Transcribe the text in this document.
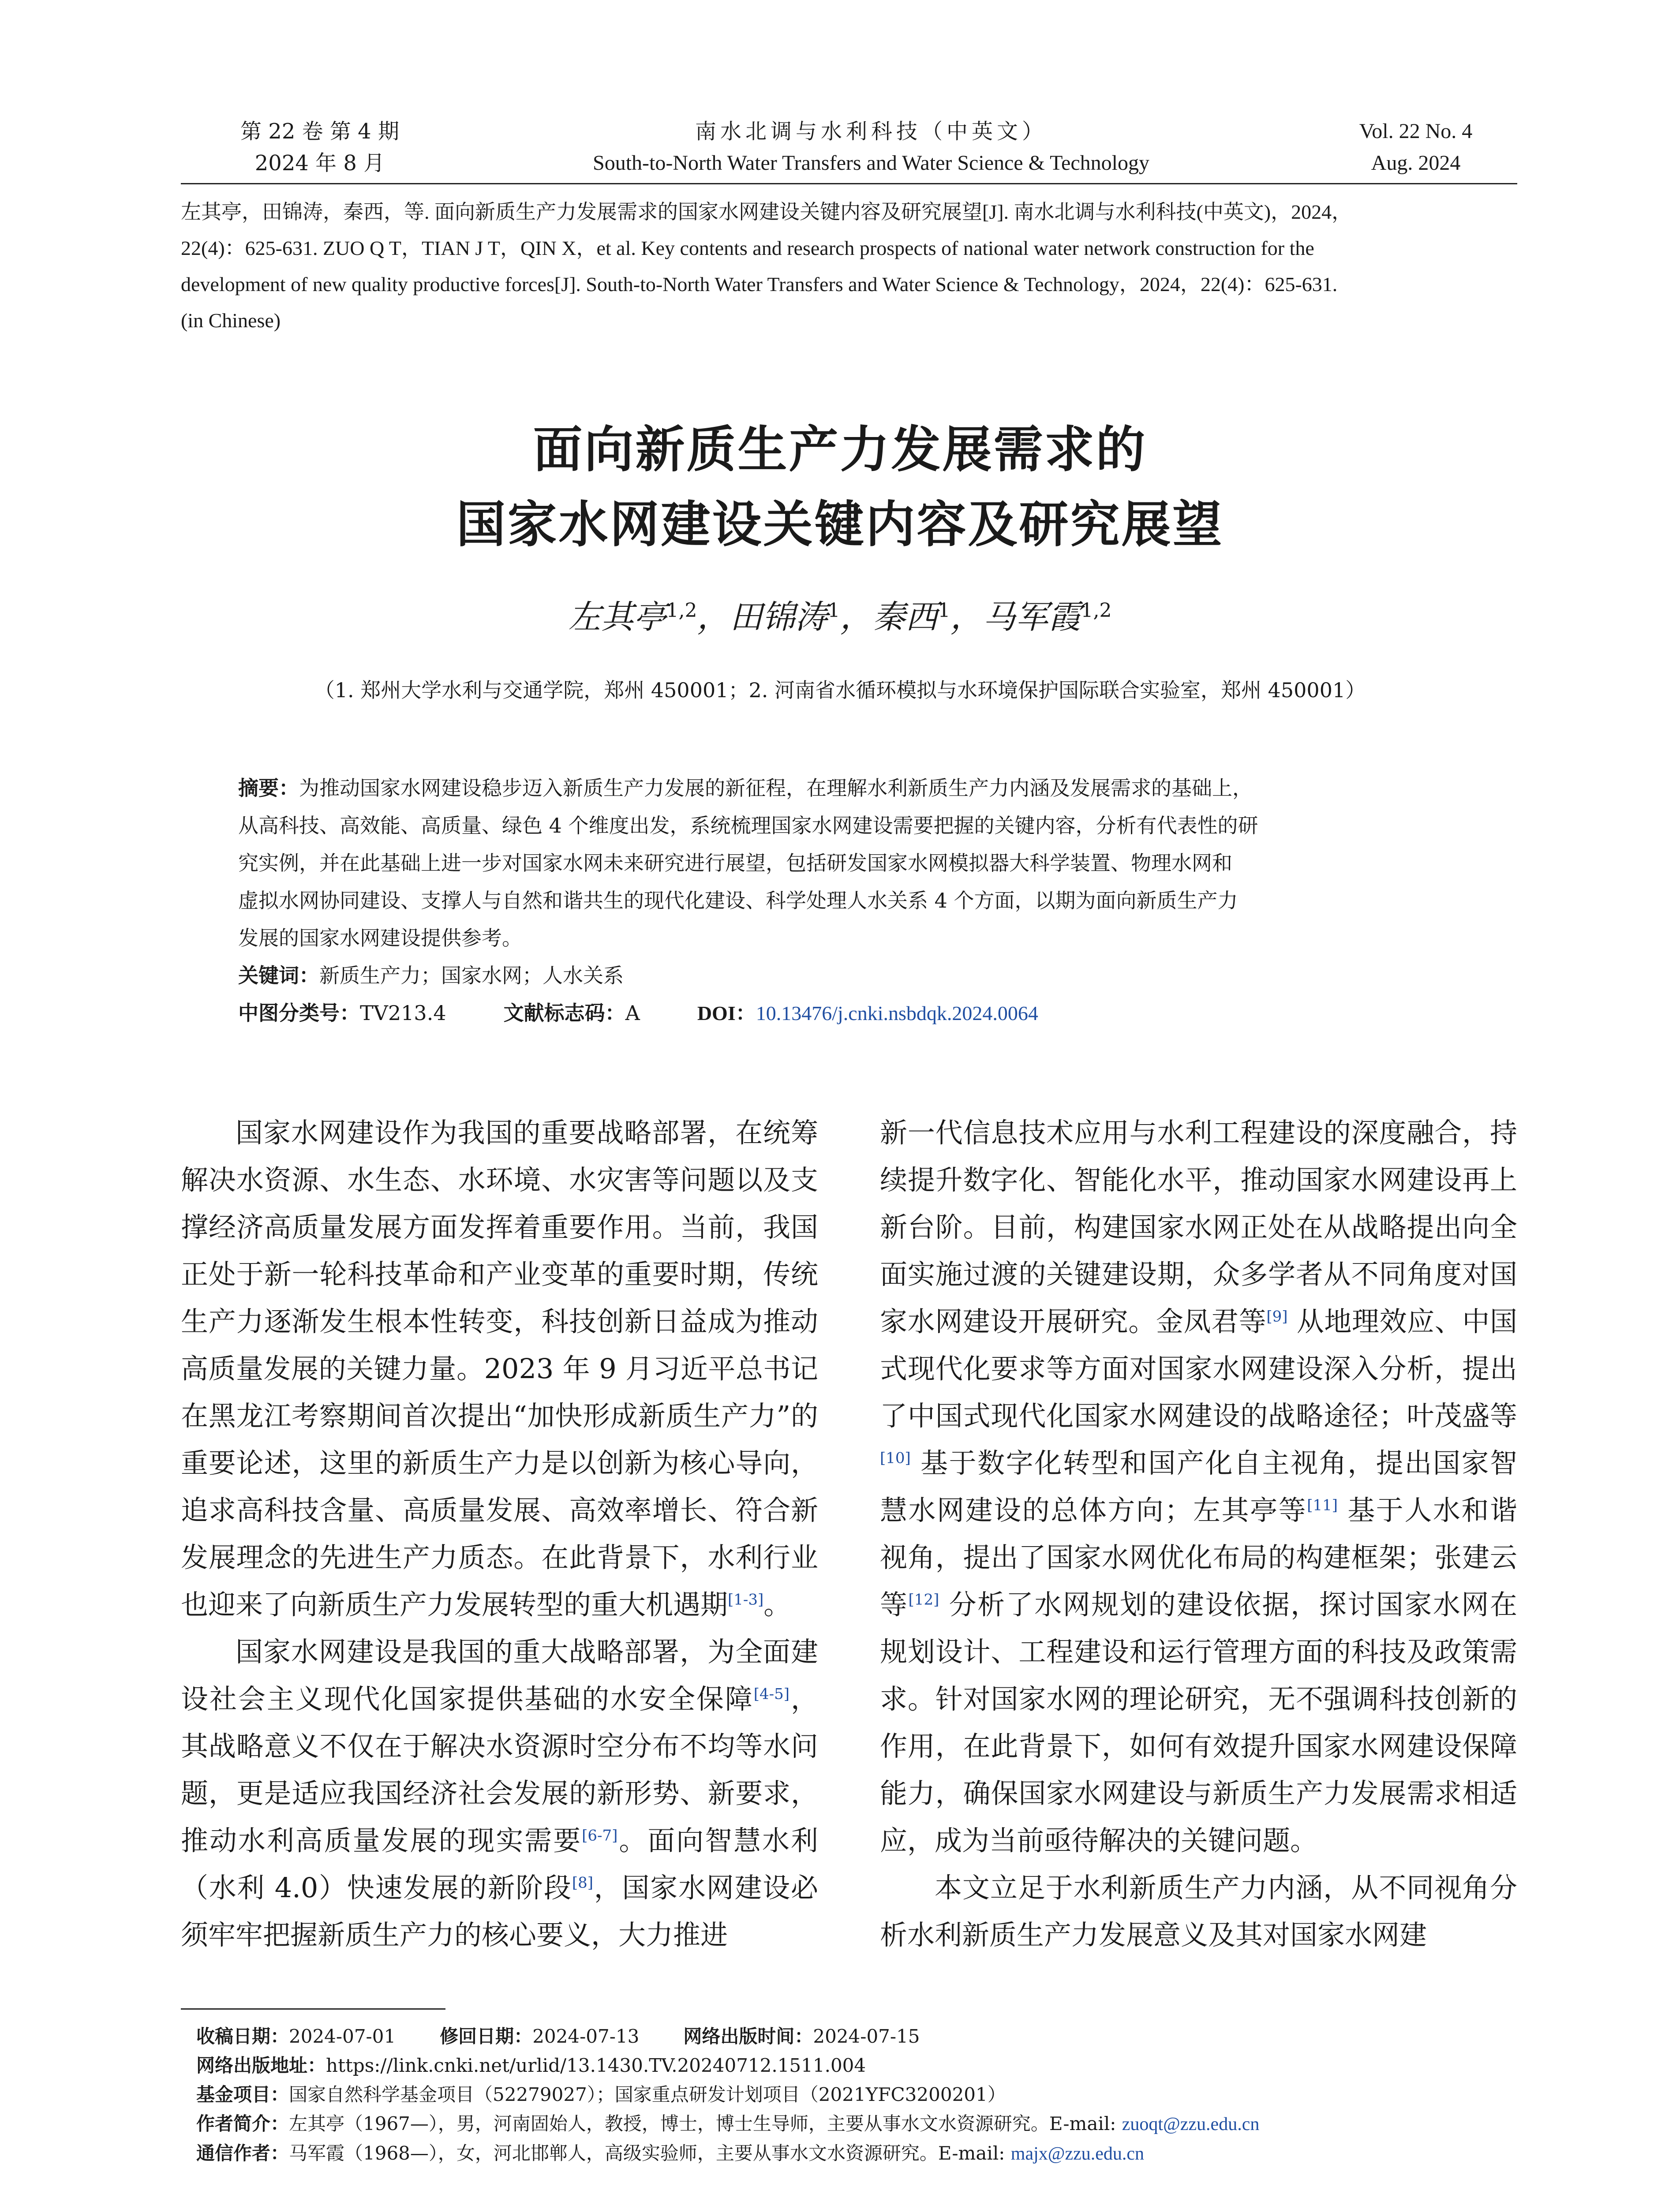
第 22 卷 第 4 期
2024 年 8 月
南水北调与水利科技（中英文）
South-to-North Water Transfers and Water Science & Technology
Vol. 22 No. 4
Aug. 2024
左其亭，田锦涛，秦西，等. 面向新质生产力发展需求的国家水网建设关键内容及研究展望[J]. 南水北调与水利科技(中英文)，2024，
22(4)：625-631. ZUO Q T，TIAN J T，QIN X，et al. Key contents and research prospects of national water network construction for the
development of new quality productive forces[J]. South-to-North Water Transfers and Water Science & Technology，2024，22(4)：625-631.
(in Chinese)
面向新质生产力发展需求的
国家水网建设关键内容及研究展望
左其亭$^{1,2}$，田锦涛$^1$，秦西$^1$，马军霞$^{1,2}$
（1. 郑州大学水利与交通学院，郑州 450001；2. 河南省水循环模拟与水环境保护国际联合实验室，郑州 450001）

摘要：为推动国家水网建设稳步迈入新质生产力发展的新征程，在理解水利新质生产力内涵及发展需求的基础上，

从高科技、高效能、高质量、绿色 4 个维度出发，系统梳理国家水网建设需要把握的关键内容，分析有代表性的研

究实例，并在此基础上进一步对国家水网未来研究进行展望，包括研发国家水网模拟器大科学装置、物理水网和

虚拟水网协同建设、支撑人与自然和谐共生的现代化建设、科学处理人水关系 4 个方面，以期为面向新质生产力

发展的国家水网建设提供参考。

关键词：新质生产力；国家水网；人水关系

中图分类号：TV213.4	文献标志码：A	DOI：10.13476/j.cnki.nsbdqk.2024.0064

国家水网建设作为我国的重要战略部署，在统筹解决水资源、水生态、水环境、水灾害等问题以及支撑经济高质量发展方面发挥着重要作用。当前，我国正处于新一轮科技革命和产业变革的重要时期，传统生产力逐渐发生根本性转变，科技创新日益成为推动高质量发展的关键力量。2023 年 9 月习近平总书记在黑龙江考察期间首次提出“加快形成新质生产力”的重要论述，这里的新质生产力是以创新为核心导向，追求高科技含量、高质量发展、高效率增长、符合新发展理念的先进生产力质态。在此背景下，水利行业也迎来了向新质生产力发展转型的重大机遇期[1-3]。

国家水网建设是我国的重大战略部署，为全面建设社会主义现代化国家提供基础的水安全保障[4-5]，其战略意义不仅在于解决水资源时空分布不均等水问题，更是适应我国经济社会发展的新形势、新要求，推动水利高质量发展的现实需要[6-7]。面向智慧水利（水利 4.0）快速发展的新阶段[8]，国家水网建设必须牢牢把握新质生产力的核心要义，大力推进

新一代信息技术应用与水利工程建设的深度融合，持续提升数字化、智能化水平，推动国家水网建设再上新台阶。目前，构建国家水网正处在从战略提出向全面实施过渡的关键建设期，众多学者从不同角度对国家水网建设开展研究。金凤君等[9] 从地理效应、中国式现代化要求等方面对国家水网建设深入分析，提出了中国式现代化国家水网建设的战略途径；叶茂盛等[10] 基于数字化转型和国产化自主视角，提出国家智慧水网建设的总体方向；左其亭等[11] 基于人水和谐视角，提出了国家水网优化布局的构建框架；张建云等[12] 分析了水网规划的建设依据，探讨国家水网在规划设计、工程建设和运行管理方面的科技及政策需求。针对国家水网的理论研究，无不强调科技创新的作用，在此背景下，如何有效提升国家水网建设保障能力，确保国家水网建设与新质生产力发展需求相适应，成为当前亟待解决的关键问题。

本文立足于水利新质生产力内涵，从不同视角分析水利新质生产力发展意义及其对国家水网建

收稿日期：2024-07-01 修回日期：2024-07-13 网络出版时间：2024-07-15
网络出版地址：https://link.cnki.net/urlid/13.1430.TV.20240712.1511.004
基金项目：国家自然科学基金项目（52279027）；国家重点研发计划项目（2021YFC3200201）
作者简介：左其亭（1967—），男，河南固始人，教授，博士，博士生导师，主要从事水文水资源研究。E-mail: zuoqt@zzu.edu.cn
通信作者：马军霞（1968—），女，河北邯郸人，高级实验师，主要从事水文水资源研究。E-mail: majx@zzu.edu.cn
